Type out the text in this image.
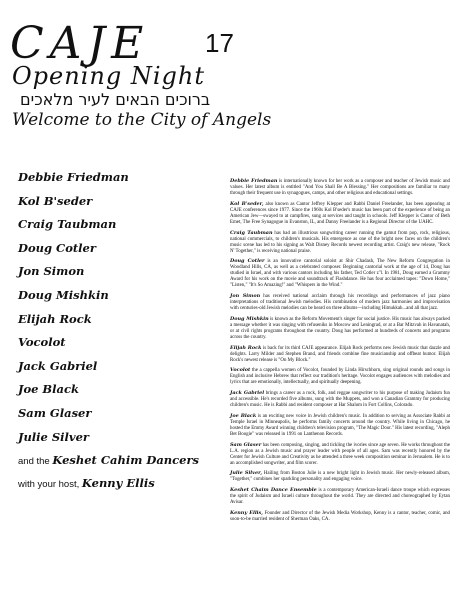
CAJE 17
Opening Night
ברוכים הבאים לעיר מלאכים
Welcome to the City of Angels
Debbie Friedman
Kol B'seder
Craig Taubman
Doug Cotler
Jon Simon
Doug Mishkin
Elijah Rock
Vocolot
Jack Gabriel
Joe Black
Sam Glaser
Julie Silver
and the Keshet Cahim Dancers
with your host, Kenny Ellis

Debbie Friedman is internationally known for her work as a composer and teacher of Jewish music and values. Her latest album is entitled "And You Shall Be A Blessing." Her compositions are familiar to many through their frequent use in synagogues, camps, and other religious and educational settings.

Kol B'seder, also known as Cantor Jeffrey Klepper and Rabbi Daniel Freelander, has been appearing at CAJE conferences since 1977. Since the 1960s Kol B'seder's music has been part of the experience of being an American Jew—swayed to at campfires, sung at services and taught in schools. Jeff Klepper is Cantor of Beth Emet, The Free Synagogue in Evanston, IL, and Danny Freelander is a Regional Director of the UAHC.

Craig Taubman has had an illustrious songwriting career running the gamut from pop, rock, religious, national commercials, to children's musicals. His emergence as one of the bright new faces on the children's music scene has led to his signing as Walt Disney Records newest recording artist. Craig's new release, "Rock N' Together," is receiving national praise.

Doug Cotler is an innovative cantorial soloist at Shir Chadash, The New Reform Congregation in Woodland Hills, CA, as well as a celebrated composer. Beginning cantorial work at the age of 14, Doug has studied in Israel, and with various cantors including his father, Ted Cotler z"l. In 1981, Doug earned a Grammy Award for his work on the movie and soundtrack of Flashdance. He has four acclaimed tapes: "Down Home," "Listen," "It's So Amazing!" and "Whispers in the Wind."

Jon Simon has received national acclaim through his recordings and performances of jazz piano interpretations of traditional Jewish melodies. His combination of modern jazz harmonies and improvisation with centuries-old Jewish melodies can be heard on three albums—including Himukkah...and all that jazz.

Doug Mishkin is known as the Reform Movement's singer for social justice. His music has always packed a message whether it was singing with refuseniks in Moscow and Leningrad, or at a Bar Mitzvah in Havanatah, or at civil rights programs throughout the country. Doug has performed at hundreds of concerts and programs across the country.

Elijah Rock is back for its third CAJE appearance. Elijah Rock performs new Jewish music that dazzle and delights. Larry Milder and Stephen Brand, and friends combine fine musicianship and offbeat humor. Elijah Rock's newest release is "On My Block."

Vocolot the a cappella women of Vocolot, founded by Linda Hirschhorn, sing original rounds and songs in English and inclusive Hebrew that reflect our tradition's heritage. Vocolot engages audiences with melodies and lyrics that are emotionally, intellectually, and spiritually deepening.

Jack Gabriel brings a career as a rock, folk, and reggae songwriter to his purpose of making Judaism fun and accessible. He's recorded five albums, sung with the Muppets, and won a Canadian Grammy for producing children's music. He is Rabbi and resident composer at Har Shalom in Fort Collins, Colorado.

Joe Black is an exciting new voice in Jewish children's music. In addition to serving as Associate Rabbi at Temple Israel in Minneapolis, he performs family concerts around the country. While living in Chicago, he hosted the Emmy Award winning children's television program, "The Magic Door." His latest recording, "Aleph Bet Boogie" was released in 1991 on Lanthenon Records.

Sam Glaser has been composing, singing, and tickling the ivories since age seven. He works throughout the L.A. region as a Jewish music and prayer leader with people of all ages. Sam was recently honored by the Center for Jewish Culture and Creativity as he attended a three week composition seminar in Jerusalem. He is to an accomplished songwriter, and film scorer.

Julie Silver, Hailing from Boston Julie is a new bright light in Jewish music. Her newly-released album, "Together," combines her sparkling personality and engaging voice.

Keshet Chaim Dance Ensemble is a contemporary American-Israeli dance troupe which expresses the spirit of Judaism and Israeli culture throughout the world. They are directed and choreographed by Eytan Avisar.

Kenny Ellis, Founder and Director of the Jewish Media Workshop, Kenny is a cantor, teacher, comic, and soon-to-be married resident of Sherman Oaks, CA.
